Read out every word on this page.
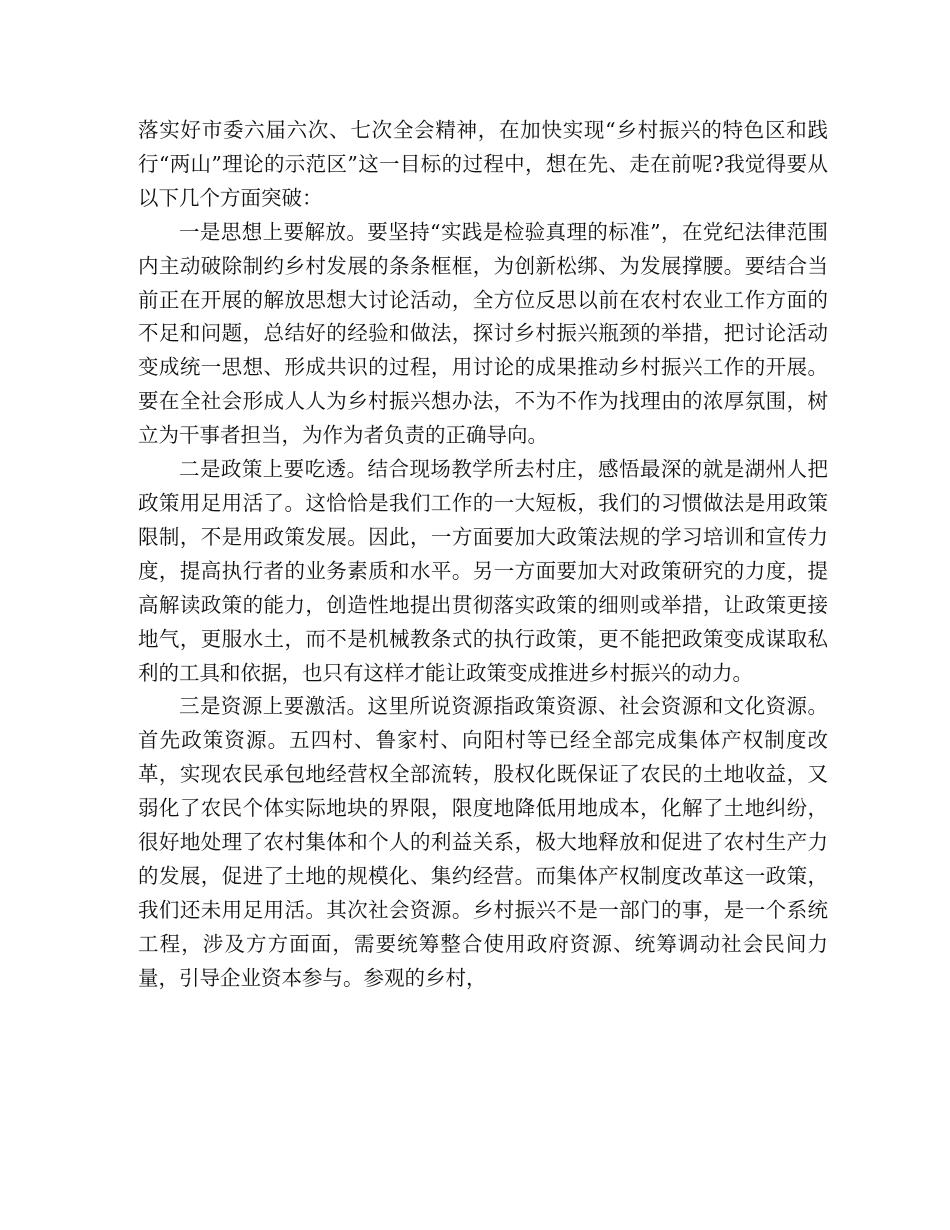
落实好市委六届六次、七次全会精神，在加快实现“乡村振兴的特色区和践行“两山”理论的示范区”这一目标的过程中，想在先、走在前呢?我觉得要从以下几个方面突破：

一是思想上要解放。要坚持“实践是检验真理的标准”，在党纪法律范围内主动破除制约乡村发展的条条框框，为创新松绑、为发展撑腰。要结合当前正在开展的解放思想大讨论活动，全方位反思以前在农村农业工作方面的不足和问题，总结好的经验和做法，探讨乡村振兴瓶颈的举措，把讨论活动变成统一思想、形成共识的过程，用讨论的成果推动乡村振兴工作的开展。要在全社会形成人人为乡村振兴想办法，不为不作为找理由的浓厚氛围，树立为干事者担当，为作为者负责的正确导向。

二是政策上要吃透。结合现场教学所去村庄，感悟最深的就是湖州人把政策用足用活了。这恰恰是我们工作的一大短板，我们的习惯做法是用政策限制，不是用政策发展。因此，一方面要加大政策法规的学习培训和宣传力度，提高执行者的业务素质和水平。另一方面要加大对政策研究的力度，提高解读政策的能力，创造性地提出贯彻落实政策的细则或举措，让政策更接地气，更服水土，而不是机械教条式的执行政策，更不能把政策变成谋取私利的工具和依据，也只有这样才能让政策变成推进乡村振兴的动力。

三是资源上要激活。这里所说资源指政策资源、社会资源和文化资源。首先政策资源。五四村、鲁家村、向阳村等已经全部完成集体产权制度改革，实现农民承包地经营权全部流转，股权化既保证了农民的土地收益，又弱化了农民个体实际地块的界限，限度地降低用地成本，化解了土地纠纷，很好地处理了农村集体和个人的利益关系，极大地释放和促进了农村生产力的发展，促进了土地的规模化、集约经营。而集体产权制度改革这一政策，我们还未用足用活。其次社会资源。乡村振兴不是一部门的事，是一个系统工程，涉及方方面面，需要统筹整合使用政府资源、统筹调动社会民间力量，引导企业资本参与。参观的乡村，
